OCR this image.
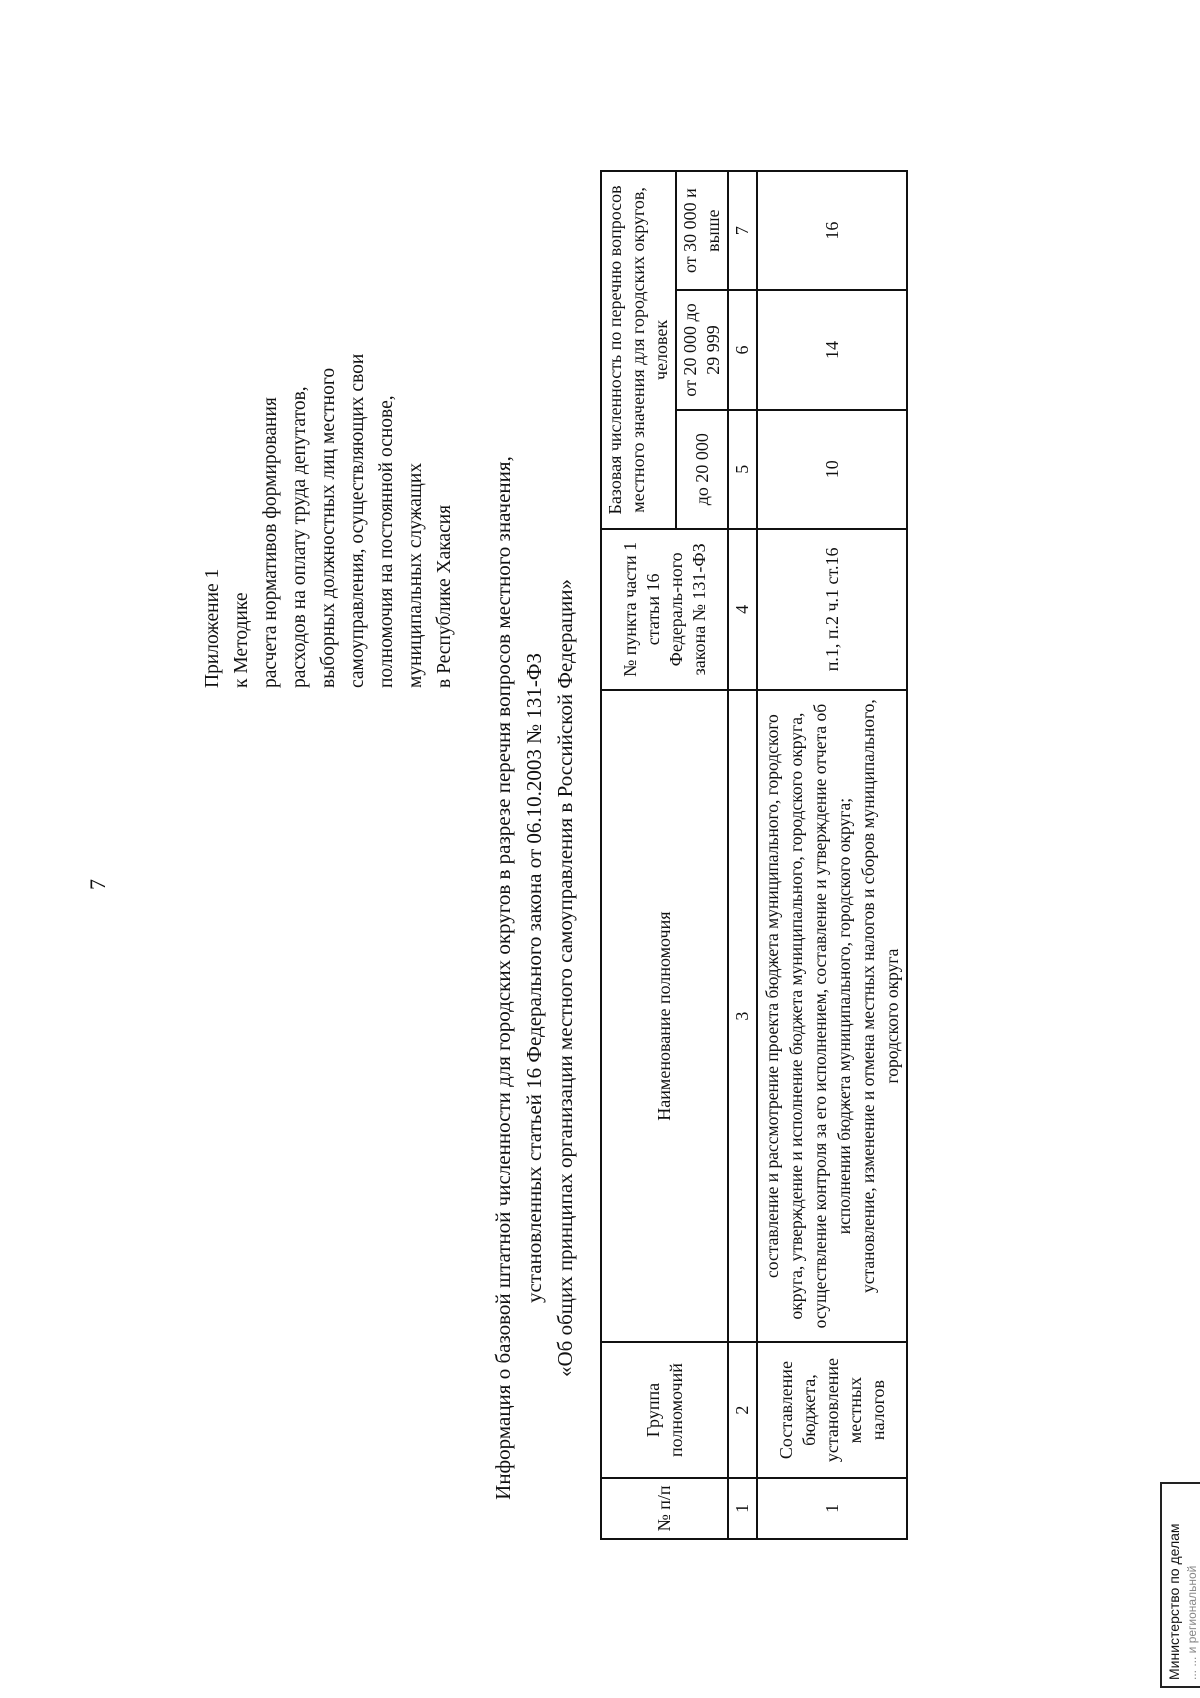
7
Приложение 1 к Методике расчета нормативов формирования расходов на оплату труда депутатов, выборных должностных лиц местного самоуправления, осуществляющих свои полномочия на постоянной основе, муниципальных служащих в Республике Хакасия Информация о базовой штатной численности для городских округов в разрезе перечня вопросов местного значения, установленных статьей 16 Федерального закона от 06.10.2003 № 131-ФЗ «Об общих принципах организации местного самоуправления в Российской Федерации»
№ п/п	Группа полномочий	Наименование полномочия	№ пункта части 1 статьи 16 Федераль-ного закона № 131-ФЗ	Базовая численность по перечню вопросов местного значения для городских округов, человек		
				до 20 000	от 20 000 до 29 999	от 30 000 и выше
1	2	3	4	5	6	7
1	Составление бюджета, установление местных налогов	составление и рассмотрение проекта бюджета муниципального, городского округа, утверждение и исполнение бюджета муниципального, городского округа, осуществление контроля за его исполнением, составление и утверждение отчета об исполнении бюджета муниципального, городского округа; установление, изменение и отмена местных налогов и сборов муниципального, городского округа	п.1, п.2 ч.1 ст.16	10	14	16
Министерство по делам ... ... и региональной
